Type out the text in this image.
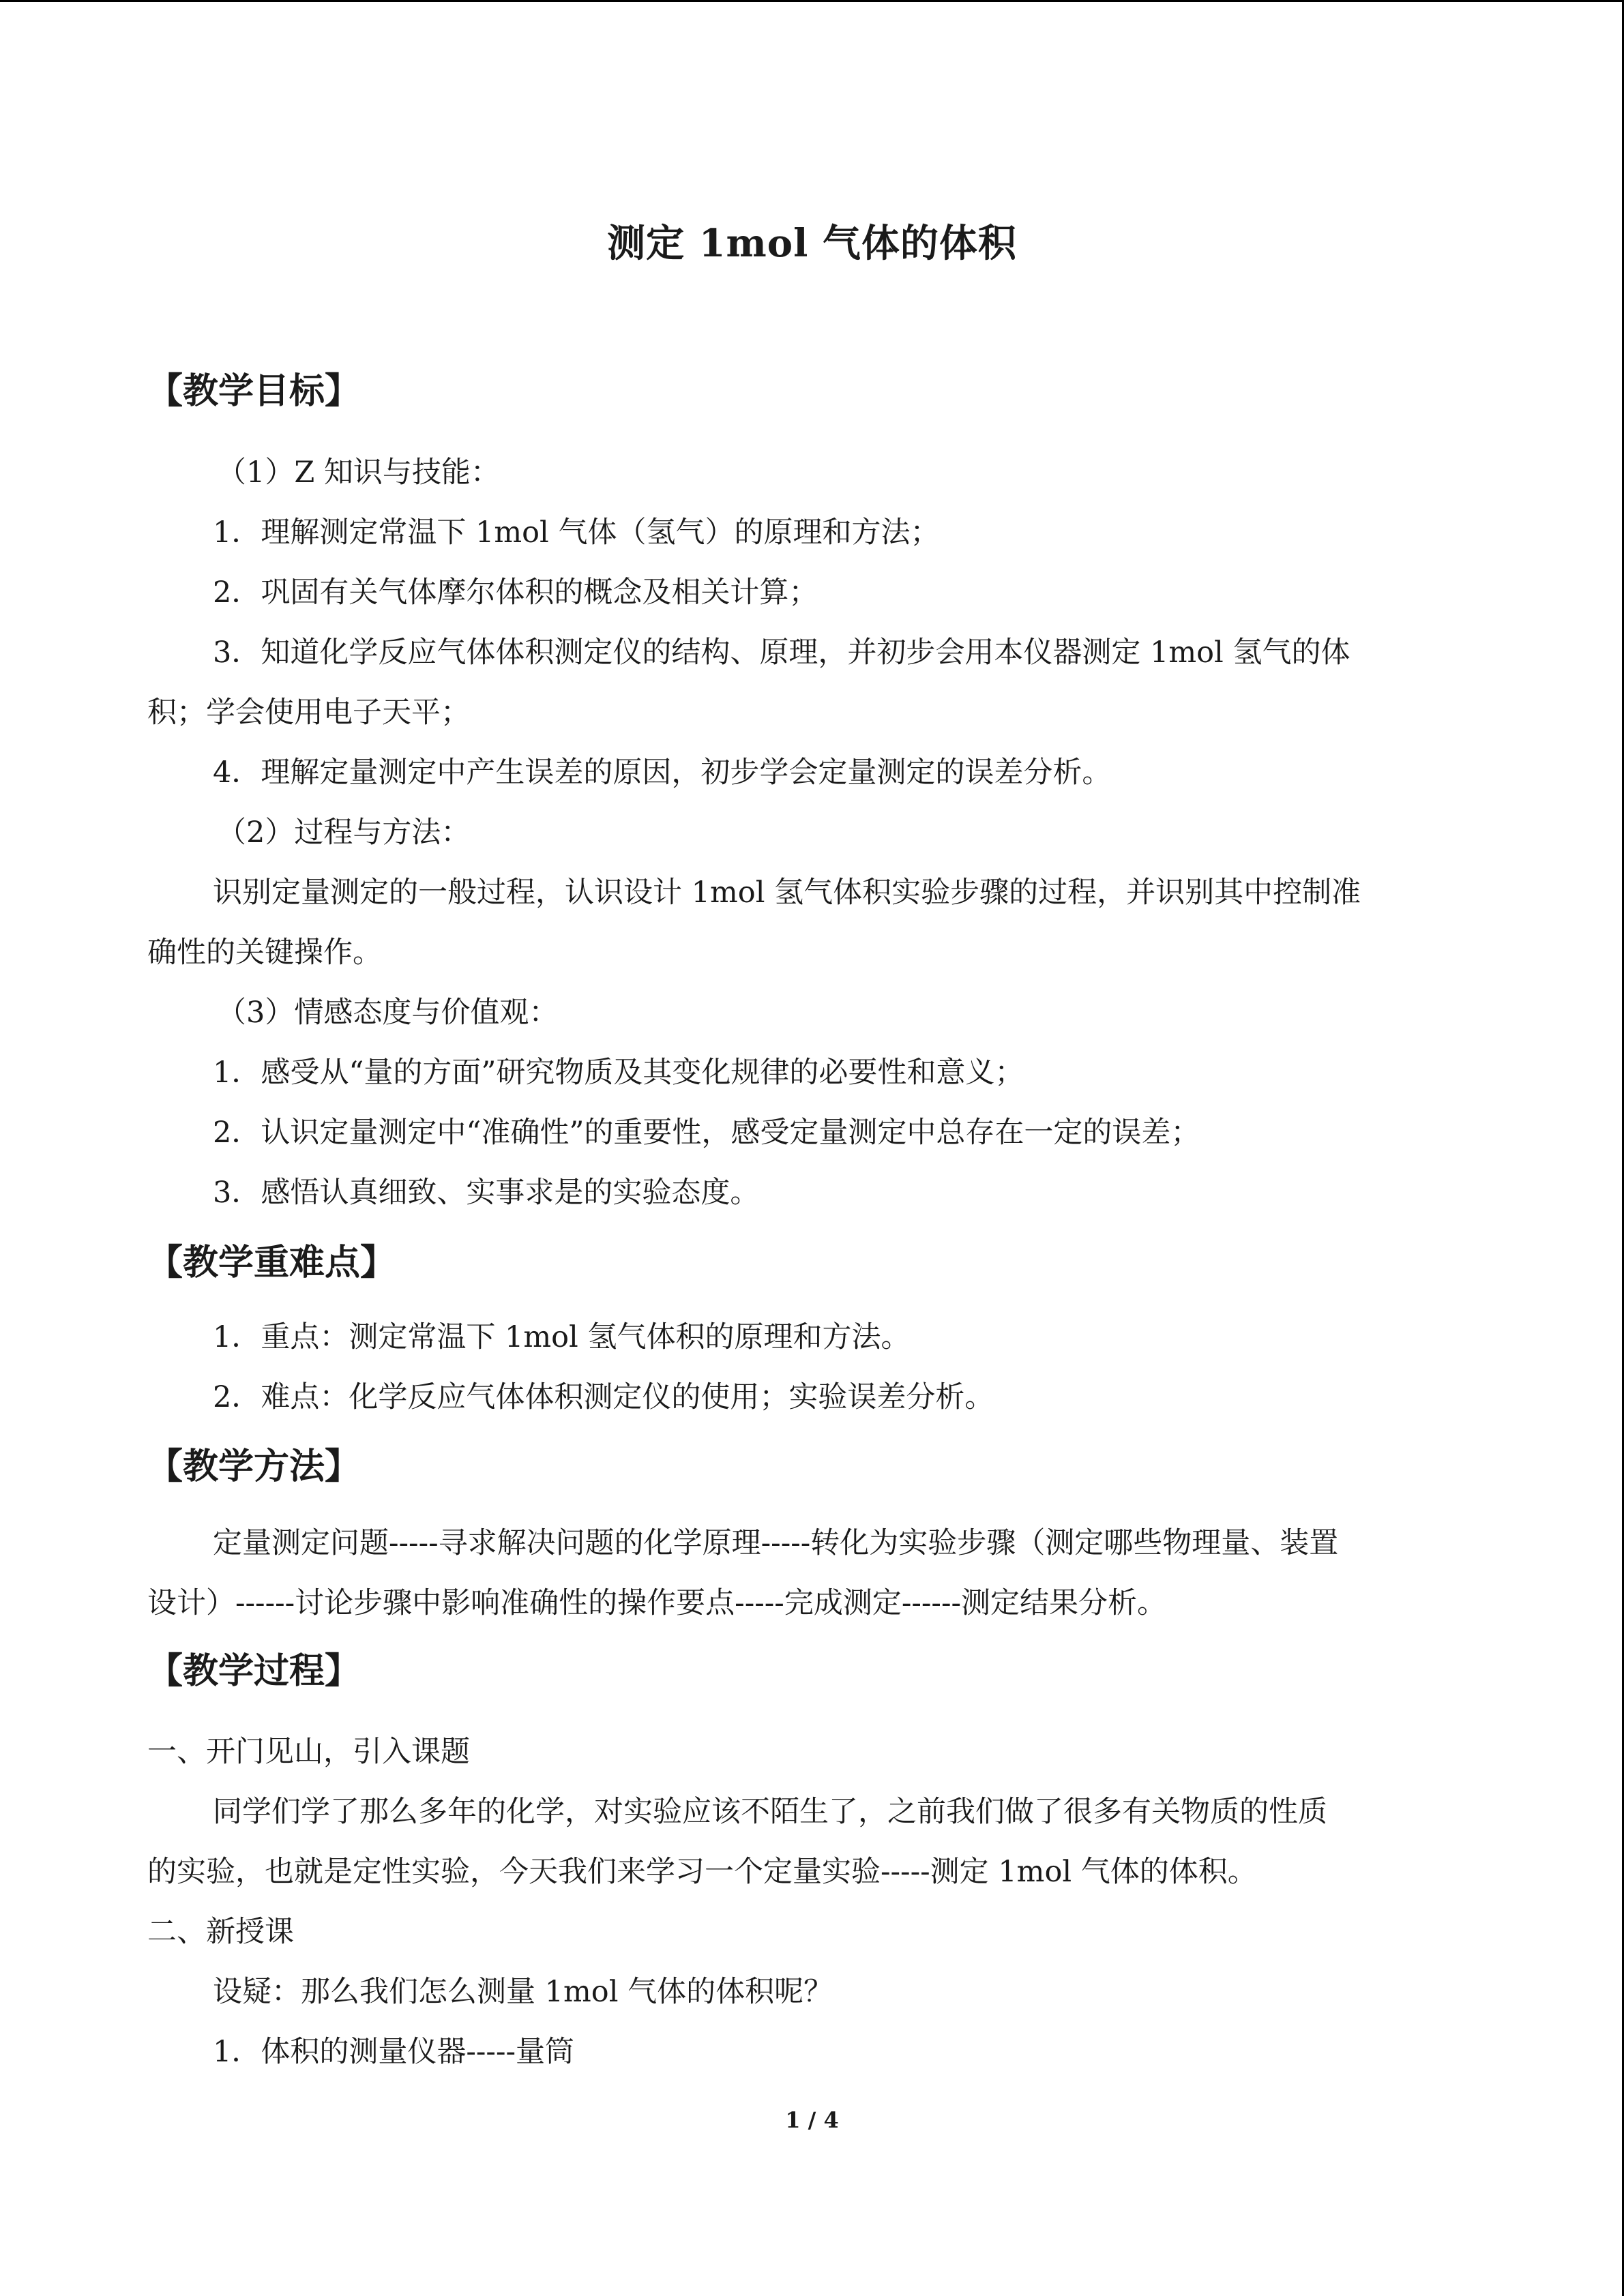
测定 1mol 气体的体积
【教学目标】
（1）Z 知识与技能：
1．理解测定常温下 1mol 气体（氢气）的原理和方法；
2．巩固有关气体摩尔体积的概念及相关计算；
3．知道化学反应气体体积测定仪的结构、原理，并初步会用本仪器测定 1mol 氢气的体
积；学会使用电子天平；
4．理解定量测定中产生误差的原因，初步学会定量测定的误差分析。
（2）过程与方法：
识别定量测定的一般过程，认识设计 1mol 氢气体积实验步骤的过程，并识别其中控制准
确性的关键操作。
（3）情感态度与价值观：
1．感受从“量的方面”研究物质及其变化规律的必要性和意义；
2．认识定量测定中“准确性”的重要性，感受定量测定中总存在一定的误差；
3．感悟认真细致、实事求是的实验态度。
【教学重难点】
1．重点：测定常温下 1mol 氢气体积的原理和方法。
2．难点：化学反应气体体积测定仪的使用；实验误差分析。
【教学方法】
定量测定问题-----寻求解决问题的化学原理-----转化为实验步骤（测定哪些物理量、装置
设计）------讨论步骤中影响准确性的操作要点-----完成测定------测定结果分析。
【教学过程】
一、开门见山，引入课题
同学们学了那么多年的化学，对实验应该不陌生了，之前我们做了很多有关物质的性质
的实验，也就是定性实验，今天我们来学习一个定量实验-----测定 1mol 气体的体积。
二、新授课
设疑：那么我们怎么测量 1mol 气体的体积呢？
1．体积的测量仪器-----量筒
1 / 4
